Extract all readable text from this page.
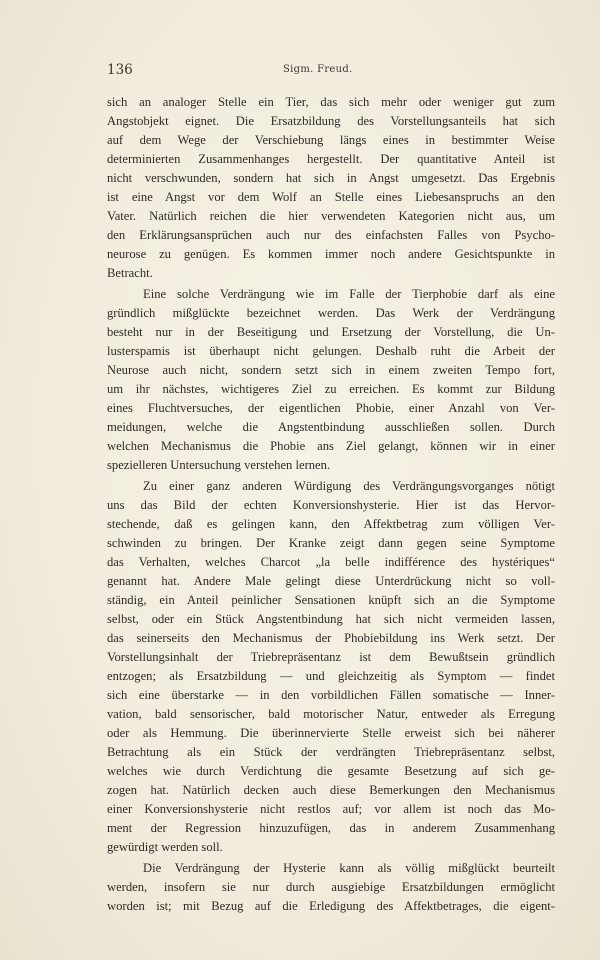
136	Sigm. Freud.
sich an analoger Stelle ein Tier, das sich mehr oder weniger gut zum
Angstobjekt eignet. Die Ersatzbildung des Vorstellungsanteils hat sich
auf dem Wege der Verschiebung längs eines in bestimmter Weise
determinierten Zusammenhanges hergestellt. Der quantitative Anteil ist
nicht verschwunden, sondern hat sich in Angst umgesetzt. Das Ergebnis
ist eine Angst vor dem Wolf an Stelle eines Liebesanspruchs an den
Vater. Natürlich reichen die hier verwendeten Kategorien nicht aus, um
den Erklärungsansprüchen auch nur des einfachsten Falles von Psycho-
neurose zu genügen. Es kommen immer noch andere Gesichtspunkte in
Betracht.
Eine solche Verdrängung wie im Falle der Tierphobie darf als eine
gründlich mißglückte bezeichnet werden. Das Werk der Verdrängung
besteht nur in der Beseitigung und Ersetzung der Vorstellung, die Un-
lusterspamis ist überhaupt nicht gelungen. Deshalb ruht die Arbeit der
Neurose auch nicht, sondern setzt sich in einem zweiten Tempo fort,
um ihr nächstes, wichtigeres Ziel zu erreichen. Es kommt zur Bildung
eines Fluchtversuches, der eigentlichen Phobie, einer Anzahl von Ver-
meidungen, welche die Angstentbindung ausschließen sollen. Durch
welchen Mechanismus die Phobie ans Ziel gelangt, können wir in einer
spezielleren Untersuchung verstehen lernen.
Zu einer ganz anderen Würdigung des Verdrängungsvorganges nötigt
uns das Bild der echten Konversionshysterie. Hier ist das Hervor-
stechende, daß es gelingen kann, den Affektbetrag zum völligen Ver-
schwinden zu bringen. Der Kranke zeigt dann gegen seine Symptome
das Verhalten, welches Charcot „la belle indifférence des hystériques“
genannt hat. Andere Male gelingt diese Unterdrückung nicht so voll-
ständig, ein Anteil peinlicher Sensationen knüpft sich an die Symptome
selbst, oder ein Stück Angstentbindung hat sich nicht vermeiden lassen,
das seinerseits den Mechanismus der Phobiebildung ins Werk setzt. Der
Vorstellungsinhalt der Triebrepräsentanz ist dem Bewußtsein gründlich
entzogen; als Ersatzbildung — und gleichzeitig als Symptom — findet
sich eine überstarke — in den vorbildlichen Fällen somatische — Inner-
vation, bald sensorischer, bald motorischer Natur, entweder als Erregung
oder als Hemmung. Die überinnervierte Stelle erweist sich bei näherer
Betrachtung als ein Stück der verdrängten Triebrepräsentanz selbst,
welches wie durch Verdichtung die gesamte Besetzung auf sich ge-
zogen hat. Natürlich decken auch diese Bemerkungen den Mechanismus
einer Konversionshysterie nicht restlos auf; vor allem ist noch das Mo-
ment der Regression hinzuzufügen, das in anderem Zusammenhang
gewürdigt werden soll.
Die Verdrängung der Hysterie kann als völlig mißglückt beurteilt
werden, insofern sie nur durch ausgiebige Ersatzbildungen ermöglicht
worden ist; mit Bezug auf die Erledigung des Affektbetrages, die eigent-
